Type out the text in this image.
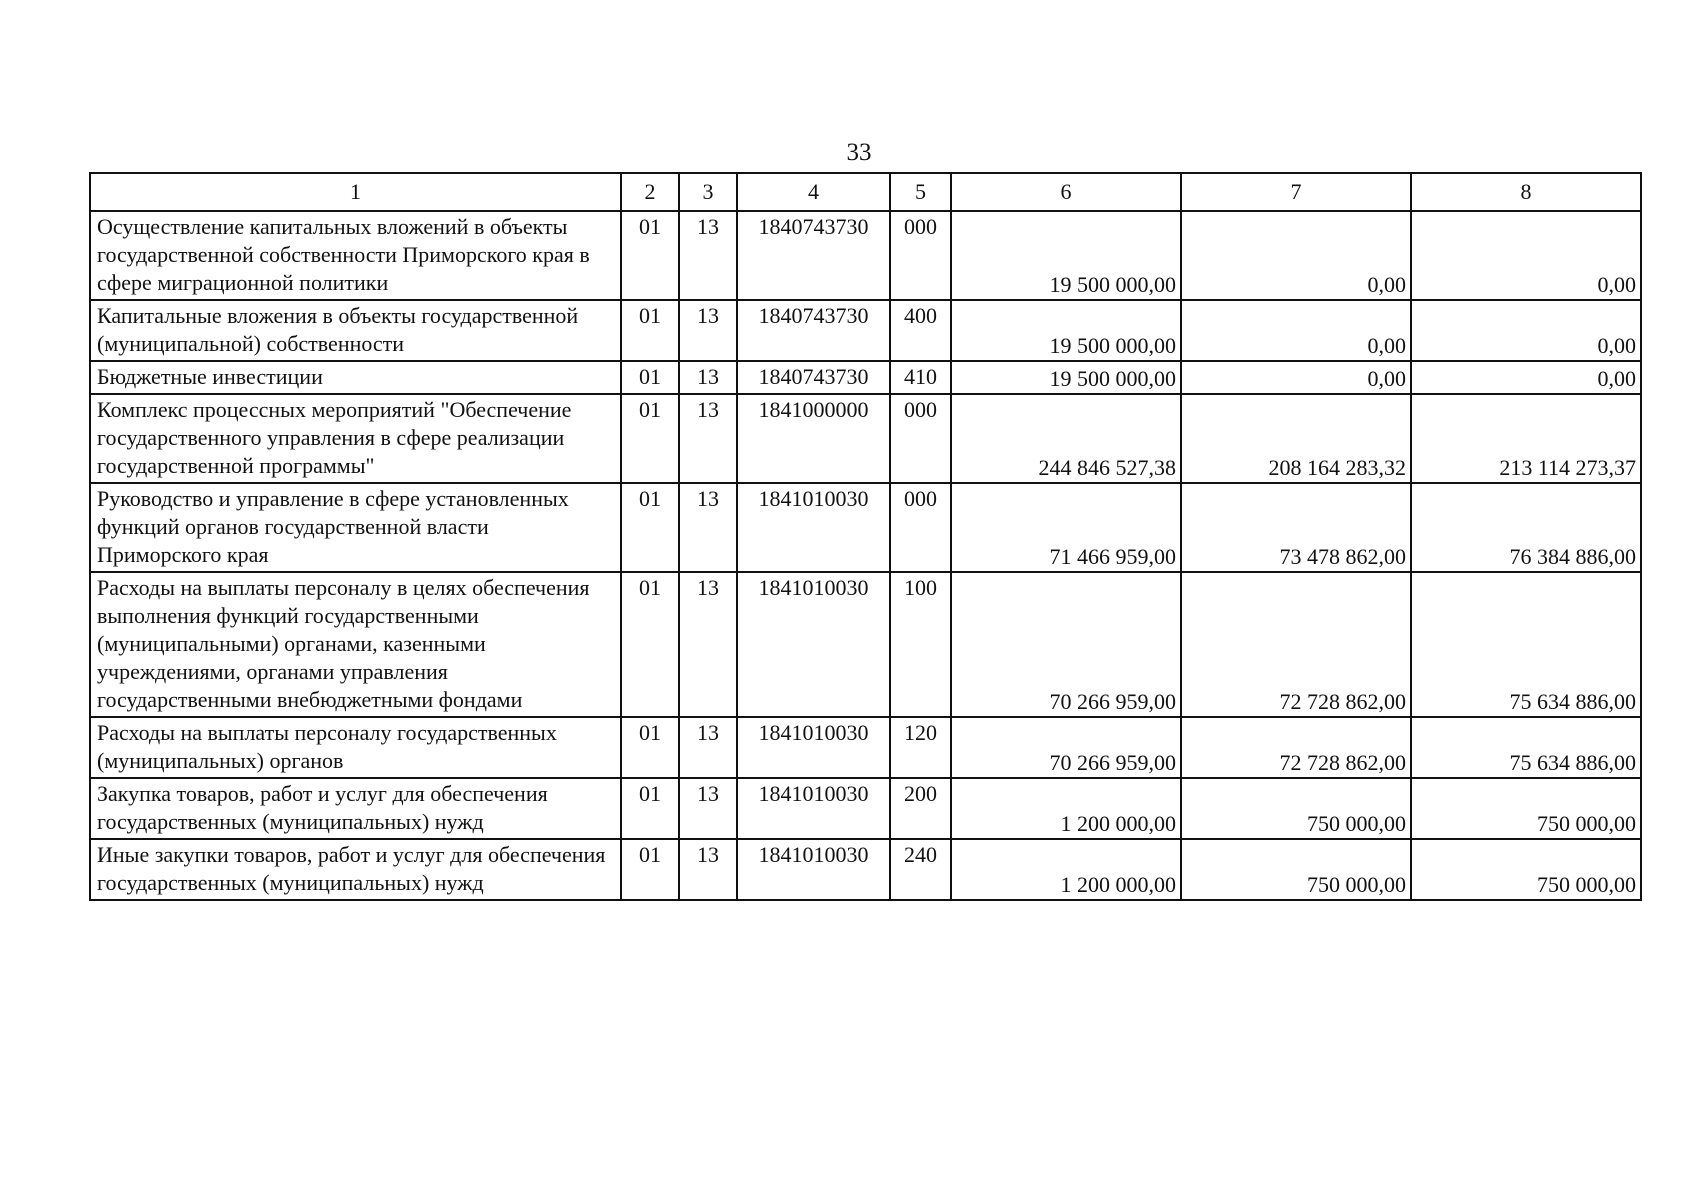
33
1	2	3	4	5	6	7	8
Осуществление капитальных вложений в объекты государственной собственности Приморского края в сфере миграционной политики	01	13	1840743730	000	19 500 000,00	0,00	0,00
Капитальные вложения в объекты государственной (муниципальной) собственности	01	13	1840743730	400	19 500 000,00	0,00	0,00
Бюджетные инвестиции	01	13	1840743730	410	19 500 000,00	0,00	0,00
Комплекс процессных мероприятий "Обеспечение государственного управления в сфере реализации государственной программы"	01	13	1841000000	000	244 846 527,38	208 164 283,32	213 114 273,37
Руководство и управление в сфере установленных функций органов государственной власти Приморского края	01	13	1841010030	000	71 466 959,00	73 478 862,00	76 384 886,00
Расходы на выплаты персоналу в целях обеспечения выполнения функций государственными (муниципальными) органами, казенными учреждениями, органами управления государственными внебюджетными фондами	01	13	1841010030	100	70 266 959,00	72 728 862,00	75 634 886,00
Расходы на выплаты персоналу государственных (муниципальных) органов	01	13	1841010030	120	70 266 959,00	72 728 862,00	75 634 886,00
Закупка товаров, работ и услуг для обеспечения государственных (муниципальных) нужд	01	13	1841010030	200	1 200 000,00	750 000,00	750 000,00
Иные закупки товаров, работ и услуг для обеспечения государственных (муниципальных) нужд	01	13	1841010030	240	1 200 000,00	750 000,00	750 000,00
